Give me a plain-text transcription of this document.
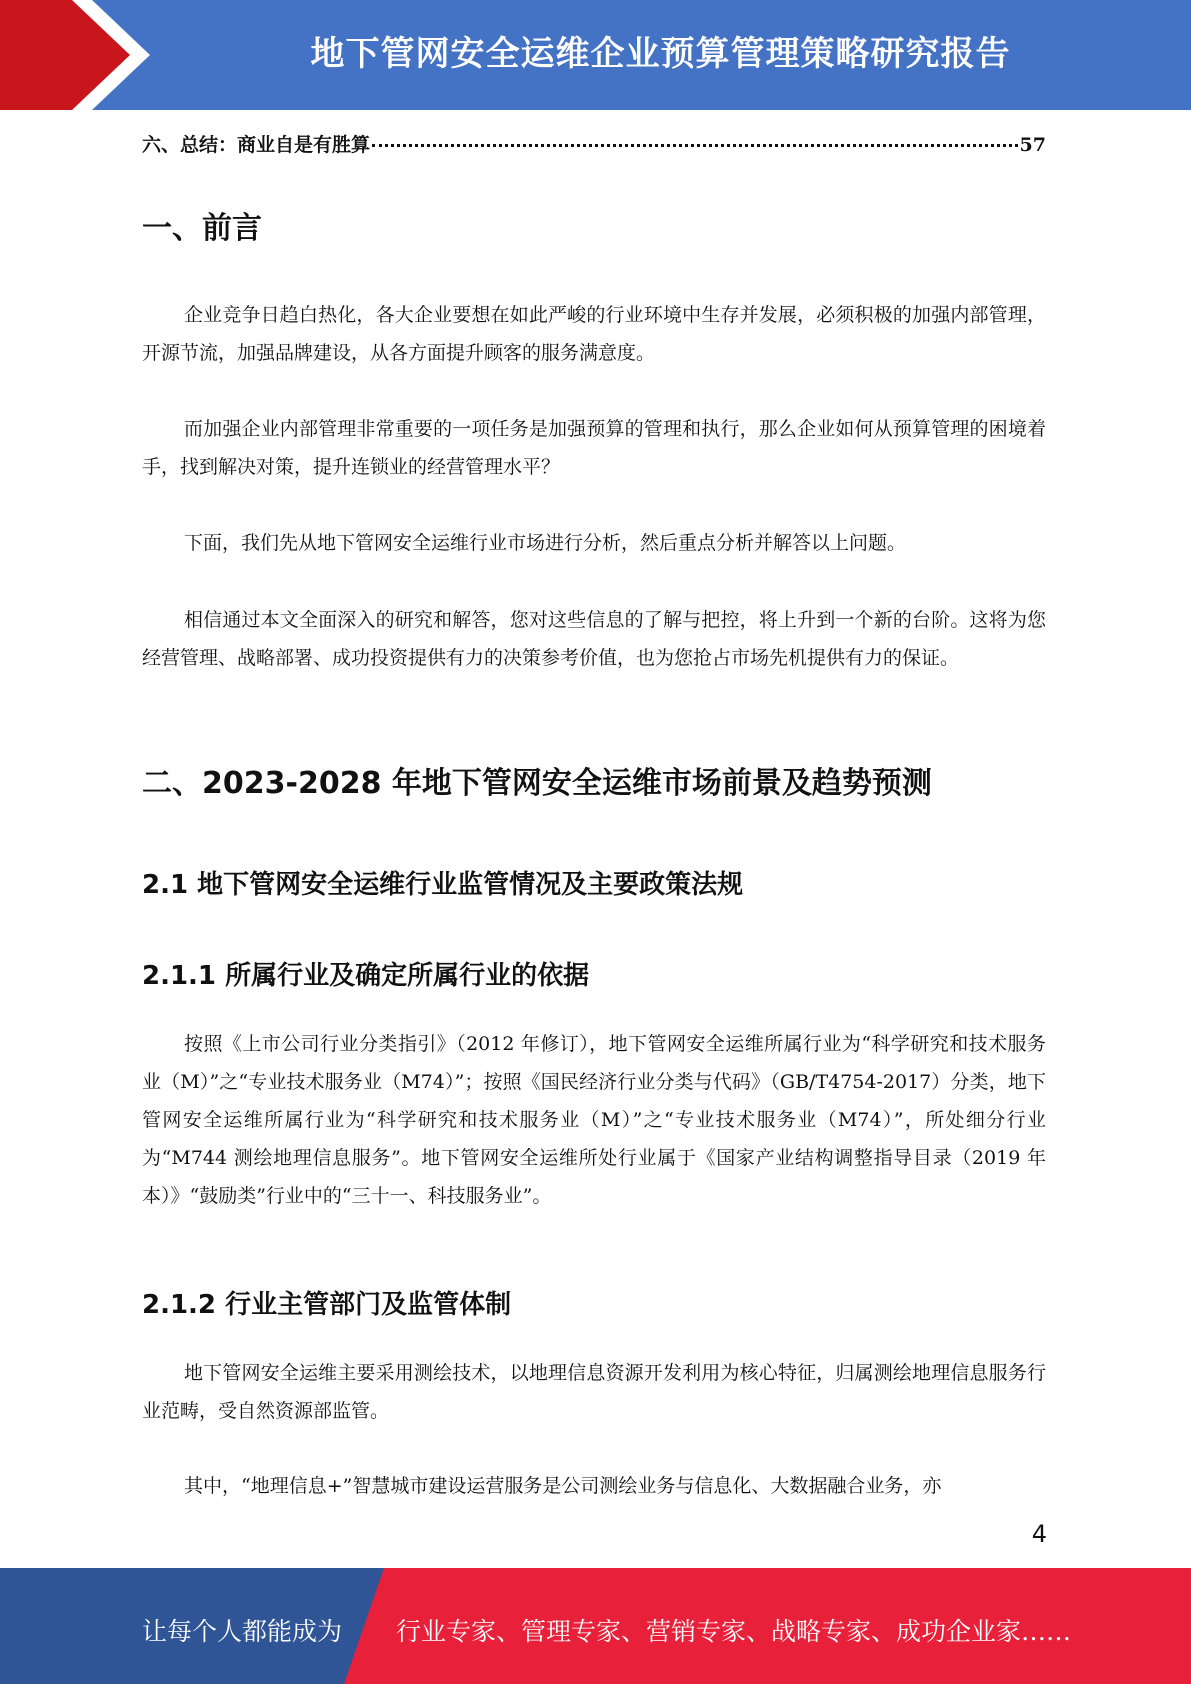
地下管网安全运维企业预算管理策略研究报告
六、总结：商业自是有胜算	57
一、前言

企业竞争日趋白热化，各大企业要想在如此严峻的行业环境中生存并发展，必须积极的加强内部管理，开源节流，加强品牌建设，从各方面提升顾客的服务满意度。

而加强企业内部管理非常重要的一项任务是加强预算的管理和执行，那么企业如何从预算管理的困境着手，找到解决对策，提升连锁业的经营管理水平？

下面，我们先从地下管网安全运维行业市场进行分析，然后重点分析并解答以上问题。

相信通过本文全面深入的研究和解答，您对这些信息的了解与把控，将上升到一个新的台阶。这将为您经营管理、战略部署、成功投资提供有力的决策参考价值，也为您抢占市场先机提供有力的保证。

二、2023-2028 年地下管网安全运维市场前景及趋势预测
2.1 地下管网安全运维行业监管情况及主要政策法规
2.1.1 所属行业及确定所属行业的依据

按照《上市公司行业分类指引》（2012 年修订），地下管网安全运维所属行业为“科学研究和技术服务业（M）”之“专业技术服务业（M74）”；按照《国民经济行业分类与代码》（GB/T4754-2017）分类，地下管网安全运维所属行业为“科学研究和技术服务业（M）”之“专业技术服务业（M74）”，所处细分行业为“M744 测绘地理信息服务”。地下管网安全运维所处行业属于《国家产业结构调整指导目录（2019 年本）》“鼓励类”行业中的“三十一、科技服务业”。

2.1.2 行业主管部门及监管体制

地下管网安全运维主要采用测绘技术，以地理信息资源开发利用为核心特征，归属测绘地理信息服务行业范畴，受自然资源部监管。

其中，“地理信息+”智慧城市建设运营服务是公司测绘业务与信息化、大数据融合业务，亦

4
让每个人都能成为 行业专家、管理专家、营销专家、战略专家、成功企业家……
